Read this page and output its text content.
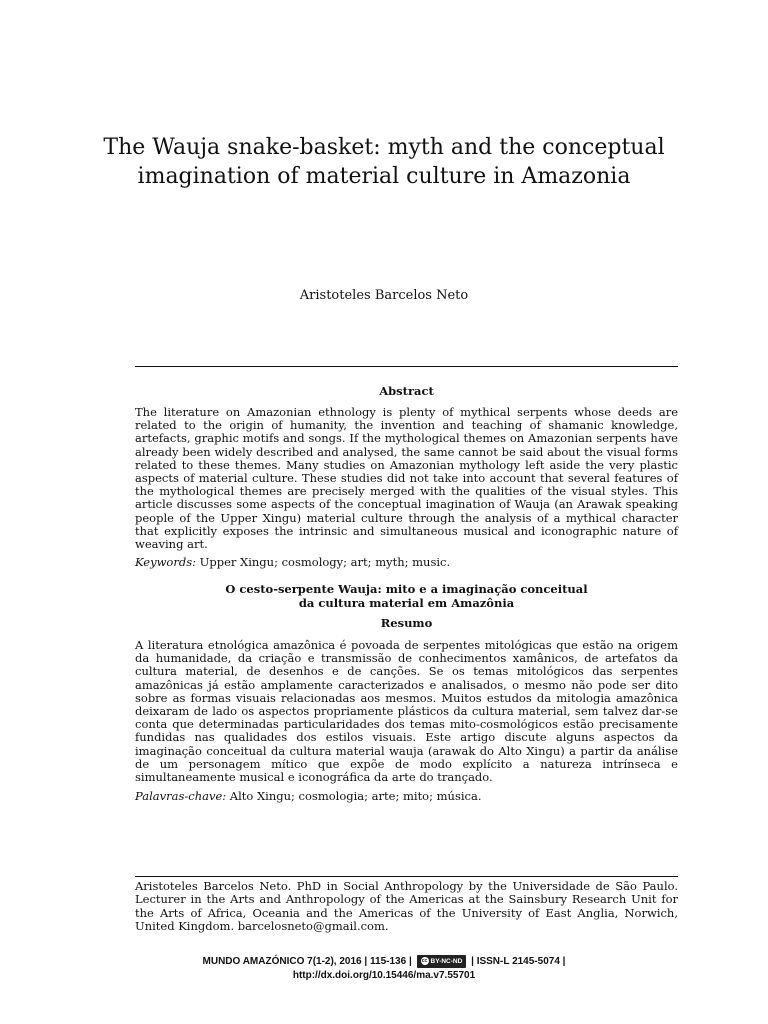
The Wauja snake-basket: myth and the conceptual
imagination of material culture in Amazonia
Aristoteles Barcelos Neto

Abstract

The literature on Amazonian ethnology is plenty of mythical serpents whose deeds are related to the origin of humanity, the invention and teaching of shamanic knowledge, artefacts, graphic motifs and songs. If the mythological themes on Amazonian serpents have already been widely described and analysed, the same cannot be said about the visual forms related to these themes. Many studies on Amazonian mythology left aside the very plastic aspects of material culture. These studies did not take into account that several features of the mythological themes are precisely merged with the qualities of the visual styles. This article discusses some aspects of the conceptual imagination of Wauja (an Arawak speaking people of the Upper Xingu) material culture through the analysis of a mythical character that explicitly exposes the intrinsic and simultaneous musical and iconographic nature of weaving art.

Keywords: Upper Xingu; cosmology; art; myth; music.

O cesto-serpente Wauja: mito e a imaginação conceitual
da cultura material em Amazônia

Resumo

A literatura etnológica amazônica é povoada de serpentes mitológicas que estão na origem da humanidade, da criação e transmissão de conhecimentos xamânicos, de artefatos da cultura material, de desenhos e de canções. Se os temas mitológicos das serpentes amazônicas já estão amplamente caracterizados e analisados, o mesmo não pode ser dito sobre as formas visuais relacionadas aos mesmos. Muitos estudos da mitologia amazônica deixaram de lado os aspectos propriamente plásticos da cultura material, sem talvez dar-se conta que determinadas particularidades dos temas mito-cosmológicos estão precisamente fundidas nas qualidades dos estilos visuais. Este artigo discute alguns aspectos da imaginação conceitual da cultura material wauja (arawak do Alto Xingu) a partir da análise de um personagem mítico que expõe de modo explícito a natureza intrínseca e simultaneamente musical e iconográfica da arte do trançado.

Palavras-chave: Alto Xingu; cosmologia; arte; mito; música.

Aristoteles Barcelos Neto. PhD in Social Anthropology by the Universidade de São Paulo. Lecturer in the Arts and Anthropology of the Americas at the Sainsbury Research Unit for the Arts of Africa, Oceania and the Americas of the University of East Anglia, Norwich, United Kingdom. barcelosneto@gmail.com.

MUNDO AMAZÓNICO 7(1-2), 2016 | 115-136 | cc BY-NC-ND | ISSN-L 2145-5074 |
http://dx.doi.org/10.15446/ma.v7.55701
